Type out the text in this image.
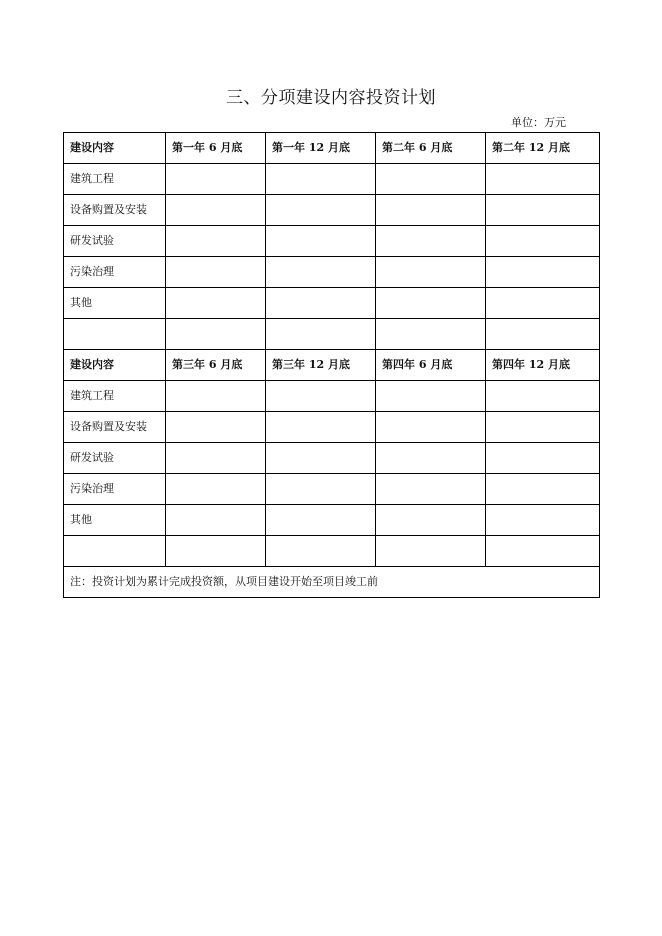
三、分项建设内容投资计划
单位：万元
建设内容	第一年 6 月底	第一年 12 月底	第二年 6 月底	第二年 12 月底
建筑工程				
设备购置及安装				
研发试验				
污染治理				
其他				

建设内容	第三年 6 月底	第三年 12 月底	第四年 6 月底	第四年 12 月底
建筑工程				
设备购置及安装				
研发试验				
污染治理				
其他				

注：投资计划为累计完成投资额，从项目建设开始至项目竣工前				
